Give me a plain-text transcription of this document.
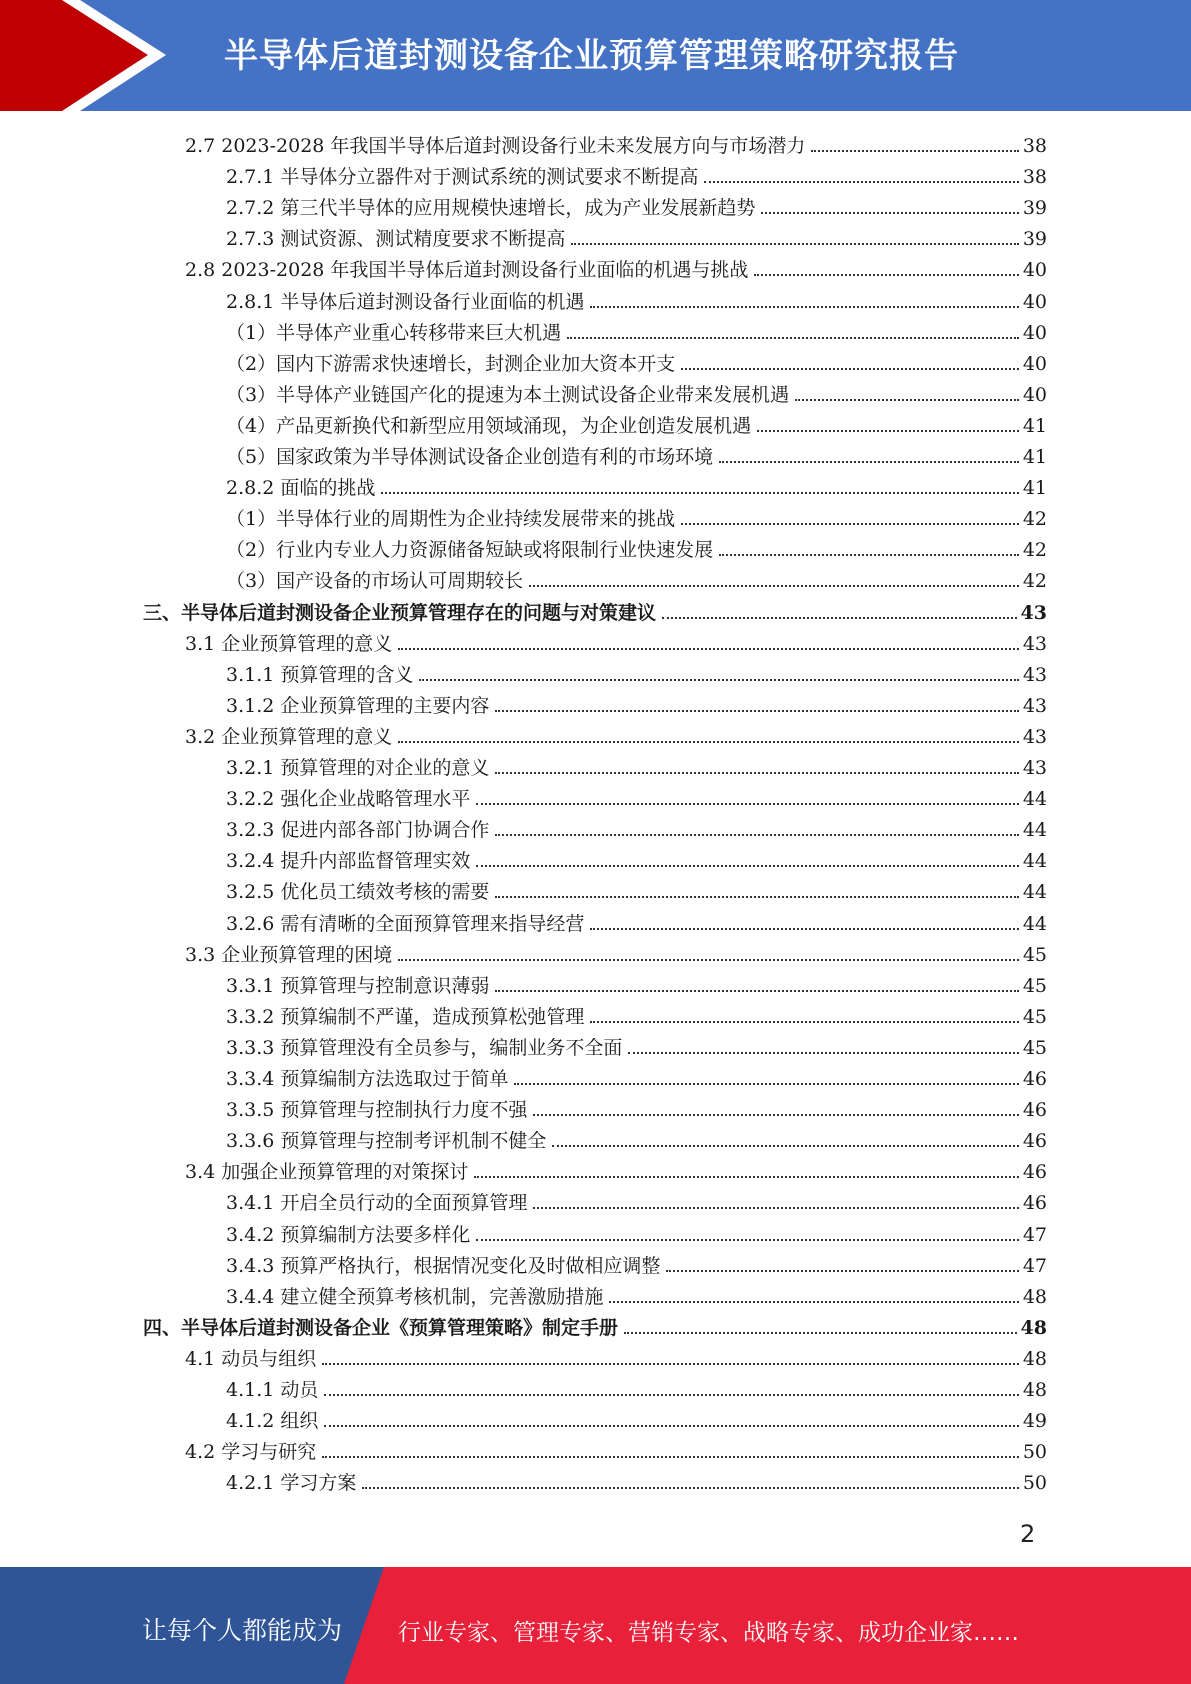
半导体后道封测设备企业预算管理策略研究报告
2.7 2023-2028 年我国半导体后道封测设备行业未来发展方向与市场潜力	38
2.7.1 半导体分立器件对于测试系统的测试要求不断提高	38
2.7.2 第三代半导体的应用规模快速增长，成为产业发展新趋势	39
2.7.3 测试资源、测试精度要求不断提高	39
2.8 2023-2028 年我国半导体后道封测设备行业面临的机遇与挑战	40
2.8.1 半导体后道封测设备行业面临的机遇	40
（1）半导体产业重心转移带来巨大机遇	40
（2）国内下游需求快速增长，封测企业加大资本开支	40
（3）半导体产业链国产化的提速为本土测试设备企业带来发展机遇	40
（4）产品更新换代和新型应用领域涌现，为企业创造发展机遇	41
（5）国家政策为半导体测试设备企业创造有利的市场环境	41
2.8.2 面临的挑战	41
（1）半导体行业的周期性为企业持续发展带来的挑战	42
（2）行业内专业人力资源储备短缺或将限制行业快速发展	42
（3）国产设备的市场认可周期较长	42
三、半导体后道封测设备企业预算管理存在的问题与对策建议	43
3.1 企业预算管理的意义	43
3.1.1 预算管理的含义	43
3.1.2 企业预算管理的主要内容	43
3.2 企业预算管理的意义	43
3.2.1 预算管理的对企业的意义	43
3.2.2 强化企业战略管理水平	44
3.2.3 促进内部各部门协调合作	44
3.2.4 提升内部监督管理实效	44
3.2.5 优化员工绩效考核的需要	44
3.2.6 需有清晰的全面预算管理来指导经营	44
3.3 企业预算管理的困境	45
3.3.1 预算管理与控制意识薄弱	45
3.3.2 预算编制不严谨，造成预算松弛管理	45
3.3.3 预算管理没有全员参与，编制业务不全面	45
3.3.4 预算编制方法选取过于简单	46
3.3.5 预算管理与控制执行力度不强	46
3.3.6 预算管理与控制考评机制不健全	46
3.4 加强企业预算管理的对策探讨	46
3.4.1 开启全员行动的全面预算管理	46
3.4.2 预算编制方法要多样化	47
3.4.3 预算严格执行，根据情况变化及时做相应调整	47
3.4.4 建立健全预算考核机制，完善激励措施	48
四、半导体后道封测设备企业《预算管理策略》制定手册	48
4.1 动员与组织	48
4.1.1 动员	48
4.1.2 组织	49
4.2 学习与研究	50
4.2.1 学习方案	50
2
让每个人都能成为 行业专家、管理专家、营销专家、战略专家、成功企业家……
